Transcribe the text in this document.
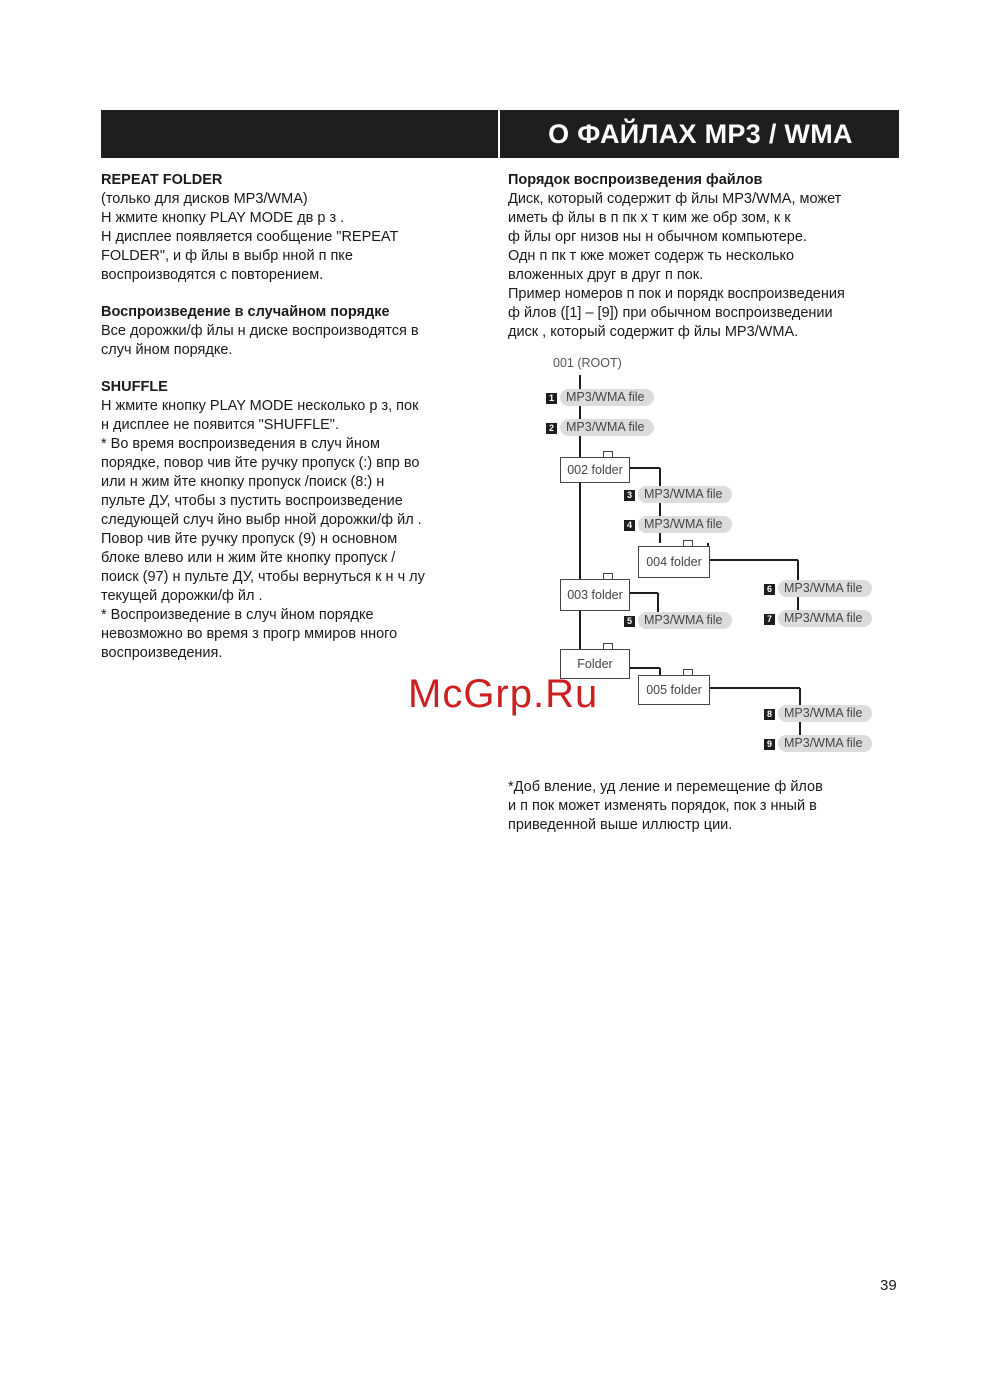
О ФАЙЛАХ MP3 / WMA
REPEAT FOLDER

(только для дисков MP3/WMA)

Н жмите кнопку PLAY MODE дв р з .

Н дисплее появляется сообщение "REPEAT

FOLDER", и ф йлы в выбр нной п пке

воспроизводятся с повторением.

Воспроизведение в случайном порядке

Все дорожки/ф йлы н диске воспроизводятся в

случ йном порядке.

SHUFFLE

Н жмите кнопку PLAY MODE несколько р з, пок

н дисплее не появится "SHUFFLE".

* Во время воспроизведения в случ йном

порядке, повор чив йте ручку пропуск (:) впр во

или н жим йте кнопку пропуск /поиск (8:) н

пульте ДУ, чтобы з пустить воспроизведение

следующей случ йно выбр нной дорожки/ф йл .

Повор чив йте ручку пропуск (9) н основном

блоке влево или н жим йте кнопку пропуск /

поиск (97) н пульте ДУ, чтобы вернуться к н ч лу

текущей дорожки/ф йл .

* Воспроизведение в случ йном порядке

невозможно во время з прогр ммиров нного

воспроизведения.

Порядок воспроизведения файлов

Диск, который содержит ф йлы MP3/WMA, может

иметь ф йлы в п пк х т ким же обр зом, к к

ф йлы орг низов ны н обычном компьютере.

Одн п пк т кже может содерж ть несколько

вложенных друг в друг п пок.

Пример номеров п пок и порядк воспроизведения

ф йлов ([1] – [9]) при обычном воспроизведении

диск , который содержит ф йлы MP3/WMA.

001 (ROOT)
1 MP3/WMA file
2 MP3/WMA file
002 folder
3 MP3/WMA file
4 MP3/WMA file
004 folder
6 MP3/WMA file
7 MP3/WMA file
003 folder
5 MP3/WMA file
Folder
005 folder
8 MP3/WMA file
9 MP3/WMA file
*Доб вление, уд ление и перемещение ф йлов
и п пок может изменять порядок, пок з нный в
приведенной выше иллюстр ции.
McGrp.Ru
39
